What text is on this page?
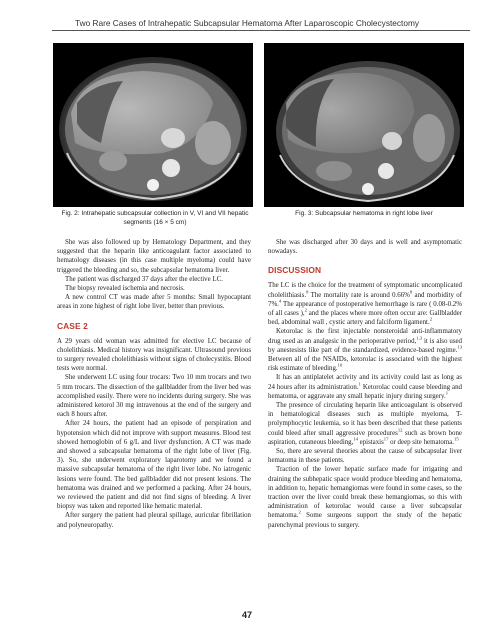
Two Rare Cases of Intrahepatic Subcapsular Hematoma After Laparoscopic Cholecystectomy
Fig. 2: Intrahepatic subcapsular collection in V, VI and VII hepatic segments (16 × 5 cm)
Fig. 3: Subcapsular hematoma in right lobe liver

She was also followed up by Hematology Department, and they suggested that the heparin like anticoagulant factor associated to hematology diseases (in this case multiple myeloma) could have triggered the bleeding and so, the subcapsular hematoma liver.

The patient was discharged 37 days after the elective LC.

The biopsy revealed ischemia and necrosis.

A new control CT was made after 5 months: Small hypocaptant areas in zone highest of right lobe liver, better than previous.

CASE 2

A 29 years old woman was admitted for elective LC because of cholelithiasis. Medical history was insignificant. Ultrasound previous to surgery revealed cholelithiasis without signs of cholecystitis. Blood tests were normal.

She underwent LC using four trocars: Two 10 mm trocars and two 5 mm trocars. The dissection of the gallbladder from the liver bed was accomplished easily. There were no incidents during surgery. She was administered ketorol 30 mg intravenous at the end of the surgery and each 8 hours after.

After 24 hours, the patient had an episode of perspiration and hypotension which did not improve with support measures. Blood test showed hemoglobin of 6 g/L and liver dysfunction. A CT was made and showed a subcapsular hematoma of the right lobe of liver (Fig. 3). So, she underwent exploratory laparotomy and we found a massive subcapsular hematoma of the right liver lobe. No iatrogenic lesions were found. The bed gallbladder did not present lesions. The hematoma was drained and we performed a packing. After 24 hours, we reviewed the patient and did not find signs of bleeding. A liver biopsy was taken and reported like hematic material.

After surgery the patient had pleural spillage, auricular fibrillation and polyneuropathy.

She was discharged after 30 days and is well and asymptomatic nowadays.

DISCUSSION

The LC is the choice for the treatment of symptomatic uncomplicated cholelithiasis.$^8$ The mortality rate is around 0.66%$^8$ and morbidity of 7%.$^4$ The appearance of postoperative hemorrhage is rare ( 0.08-0.2% of all cases ),$^2$ and the places where more often occur are: Gallbladder bed, abdominal wall , cystic artery and falciform ligament.$^2$

Ketorolac is the first injectable nonsteroidal anti-inflammatory drug used as an analgesic in the perioperative period,$^{1,3}$ it is also used by anestesists like part of the standardized, evidence-based regime.$^{13}$ Between all of the NSAIDs, ketorolac is associated with the highest risk estimate of bleeding.$^{10}$

It has an antiplatelet activity and its activity could last as long as 24 hours after its administration.$^1$ Ketorolac could cause bleeding and hematoma, or aggravate any small hepatic injury during surgery.$^1$

The presence of circulating heparin like anticoagulant is observed in hematological diseases such as multiple myeloma, T-prolymphocytic leukemia, so it has been described that these patients could bleed after small aggressive procedures$^{12}$ such as brown bone aspiration, cutaneous bleeding,$^{14}$ epistaxis$^{17}$ or deep site hematoma.$^{15}$

So, there are several theories about the cause of subcapsular liver hematoma in these patients.

Traction of the lower hepatic surface made for irrigating and draining the subhepatic space would produce bleeding and hematoma, in addition to, hepatic hemangiomas were found in some cases, so the traction over the liver could break these hemangiomas, so this with administration of ketorolac would cause a liver subcapsular hematoma.$^2$ Some surgeons support the study of the hepatic parenchymal previous to surgery.

47
